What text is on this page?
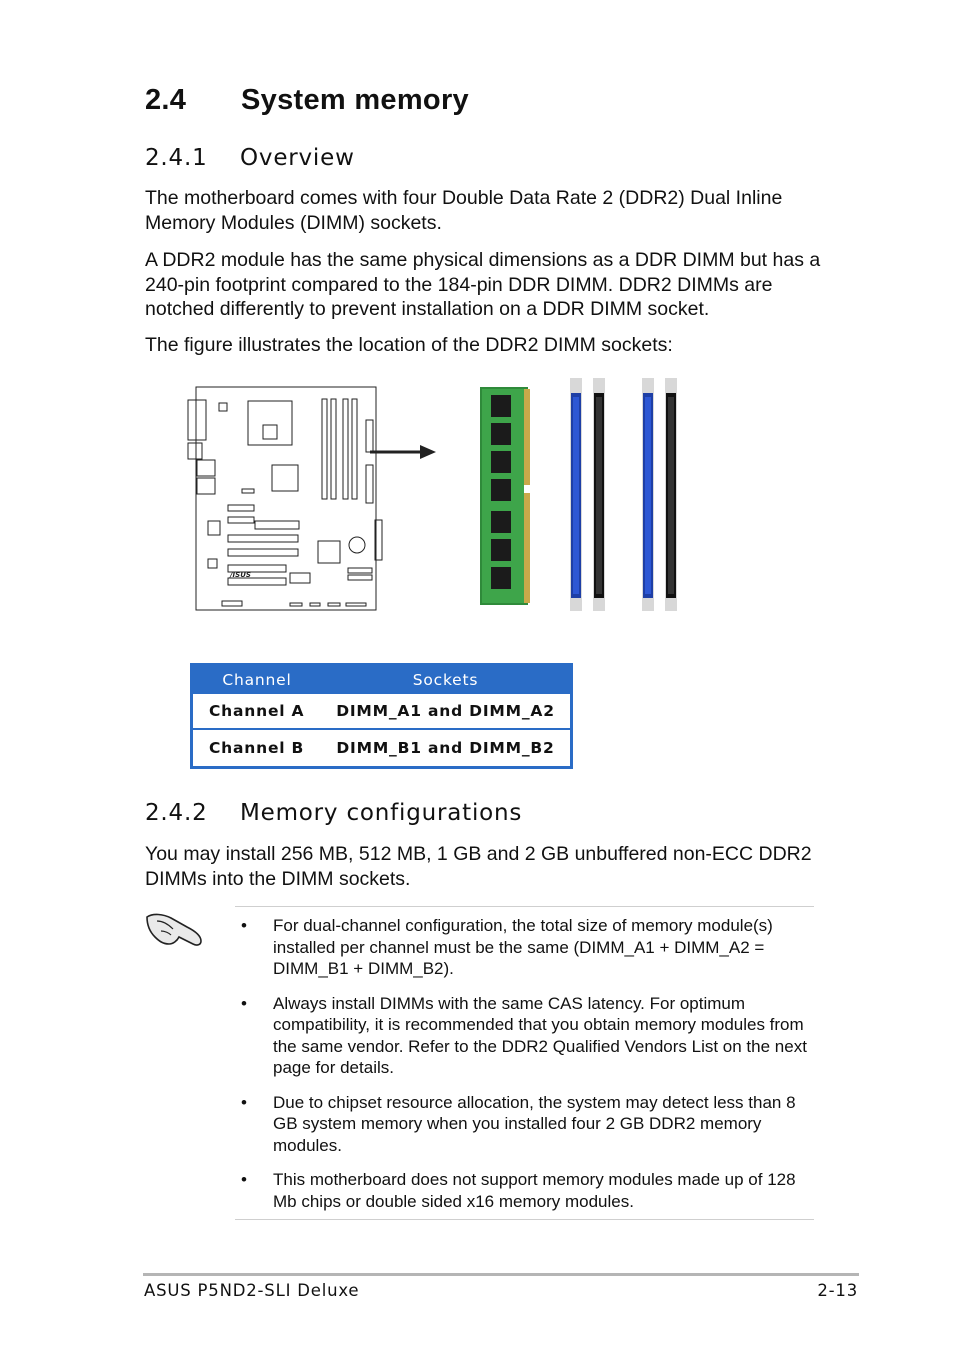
2.4 System memory
2.4.1 Overview

The motherboard comes with four Double Data Rate 2 (DDR2) Dual Inline Memory Modules (DIMM) sockets.

A DDR2 module has the same physical dimensions as a DDR DIMM but has a 240-pin footprint compared to the 184-pin DDR DIMM. DDR2 DIMMs are notched differently to prevent installation on a DDR DIMM socket.

The figure illustrates the location of the DDR2 DIMM sockets:

/ISUS
Channel	Sockets
Channel A	DIMM_A1 and DIMM_A2
Channel B	DIMM_B1 and DIMM_B2
2.4.2 Memory configurations

You may install 256 MB, 512 MB, 1 GB and 2 GB unbuffered non-ECC DDR2 DIMMs into the DIMM sockets.

• For dual-channel configuration, the total size of memory module(s) installed per channel must be the same (DIMM_A1 + DIMM_A2 = DIMM_B1 + DIMM_B2).
• Always install DIMMs with the same CAS latency. For optimum compatibility, it is recommended that you obtain memory modules from the same vendor. Refer to the DDR2 Qualified Vendors List on the next page for details.
• Due to chipset resource allocation, the system may detect less than 8 GB system memory when you installed four 2 GB DDR2 memory modules.
• This motherboard does not support memory modules made up of 128 Mb chips or double sided x16 memory modules.
ASUS P5ND2-SLI Deluxe	2-13
